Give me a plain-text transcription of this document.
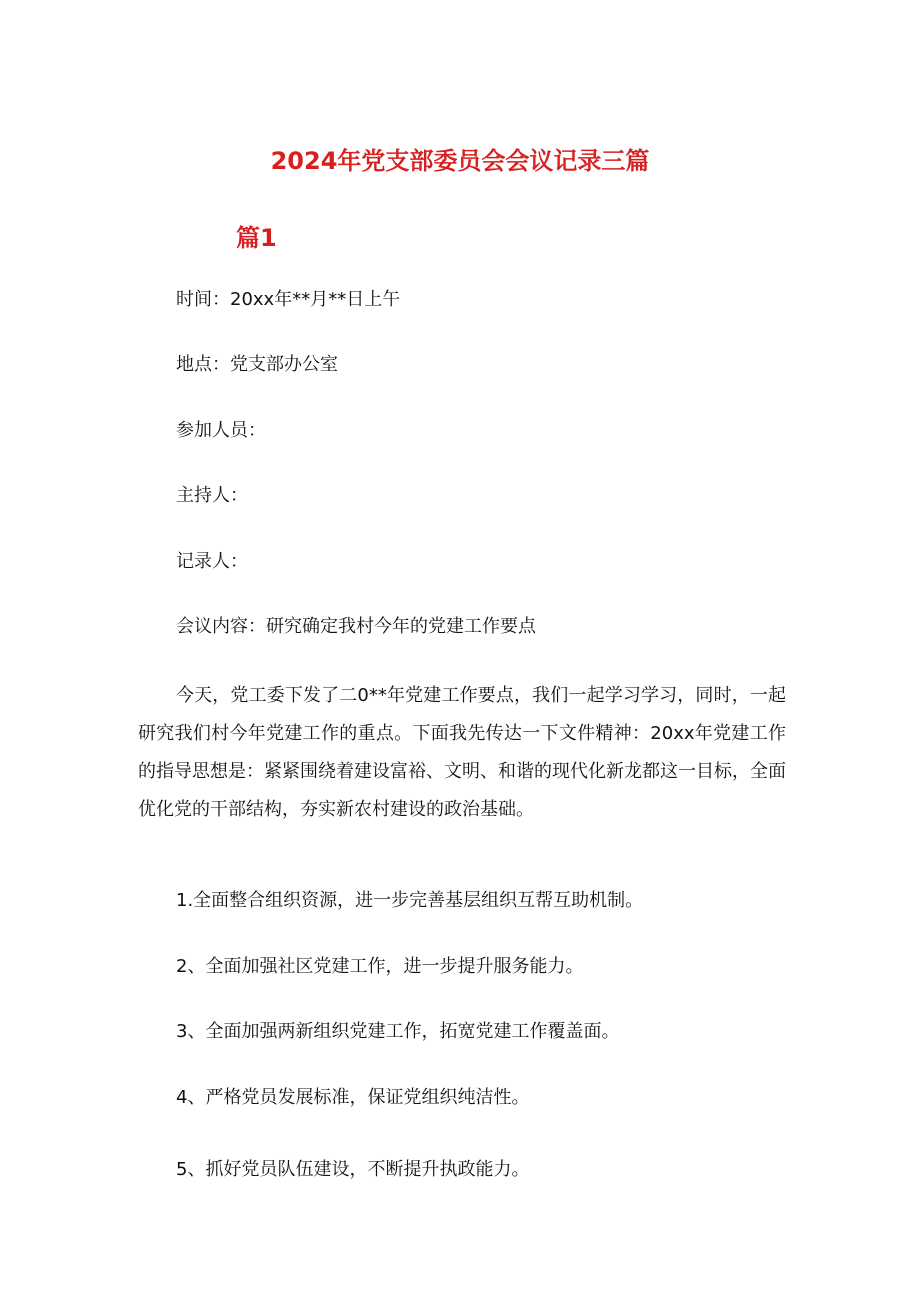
2024年党支部委员会会议记录三篇
篇1
时间：20xx年**月**日上午
地点：党支部办公室
参加人员：
主持人：
记录人：
会议内容：研究确定我村今年的党建工作要点
今天，党工委下发了二0**年党建工作要点，我们一起学习学习，同时，一起研究我们村今年党建工作的重点。下面我先传达一下文件精神：20xx年党建工作的指导思想是：紧紧围绕着建设富裕、文明、和谐的现代化新龙都这一目标，全面优化党的干部结构，夯实新农村建设的政治基础。
1.全面整合组织资源，进一步完善基层组织互帮互助机制。
2、全面加强社区党建工作，进一步提升服务能力。
3、全面加强两新组织党建工作，拓宽党建工作覆盖面。
4、严格党员发展标准，保证党组织纯洁性。
5、抓好党员队伍建设，不断提升执政能力。
